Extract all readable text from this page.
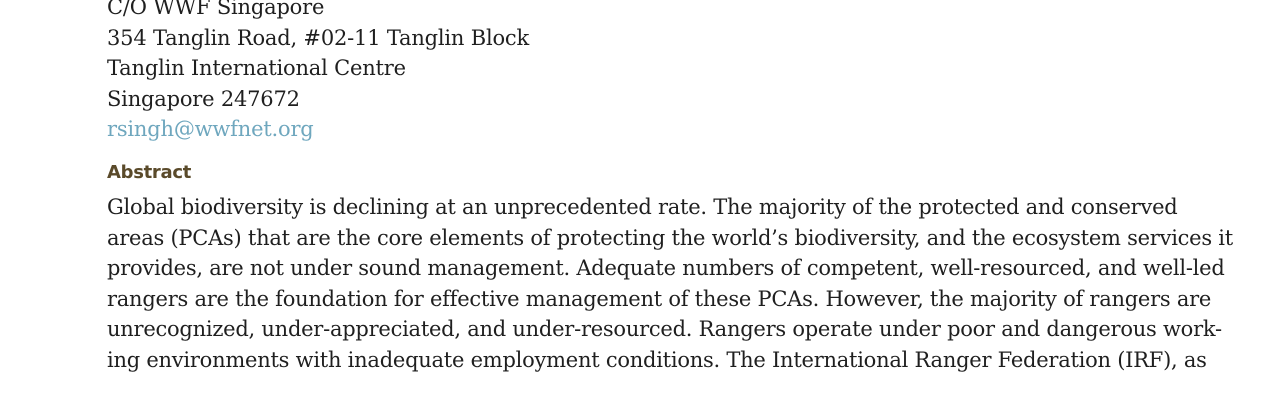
C/O WWF Singapore
354 Tanglin Road, #02-11 Tanglin Block
Tanglin International Centre
Singapore 247672
rsingh@wwfnet.org
Abstract
Global biodiversity is declining at an unprecedented rate. The majority of the protected and conserved
areas (PCAs) that are the core elements of protecting the world’s biodiversity, and the ecosystem services it
provides, are not under sound management. Adequate numbers of competent, well-resourced, and well-led
rangers are the foundation for effective management of these PCAs. However, the majority of rangers are
unrecognized, under-appreciated, and under-resourced. Rangers operate under poor and dangerous work-
ing environments with inadequate employment conditions. The International Ranger Federation (IRF), as
